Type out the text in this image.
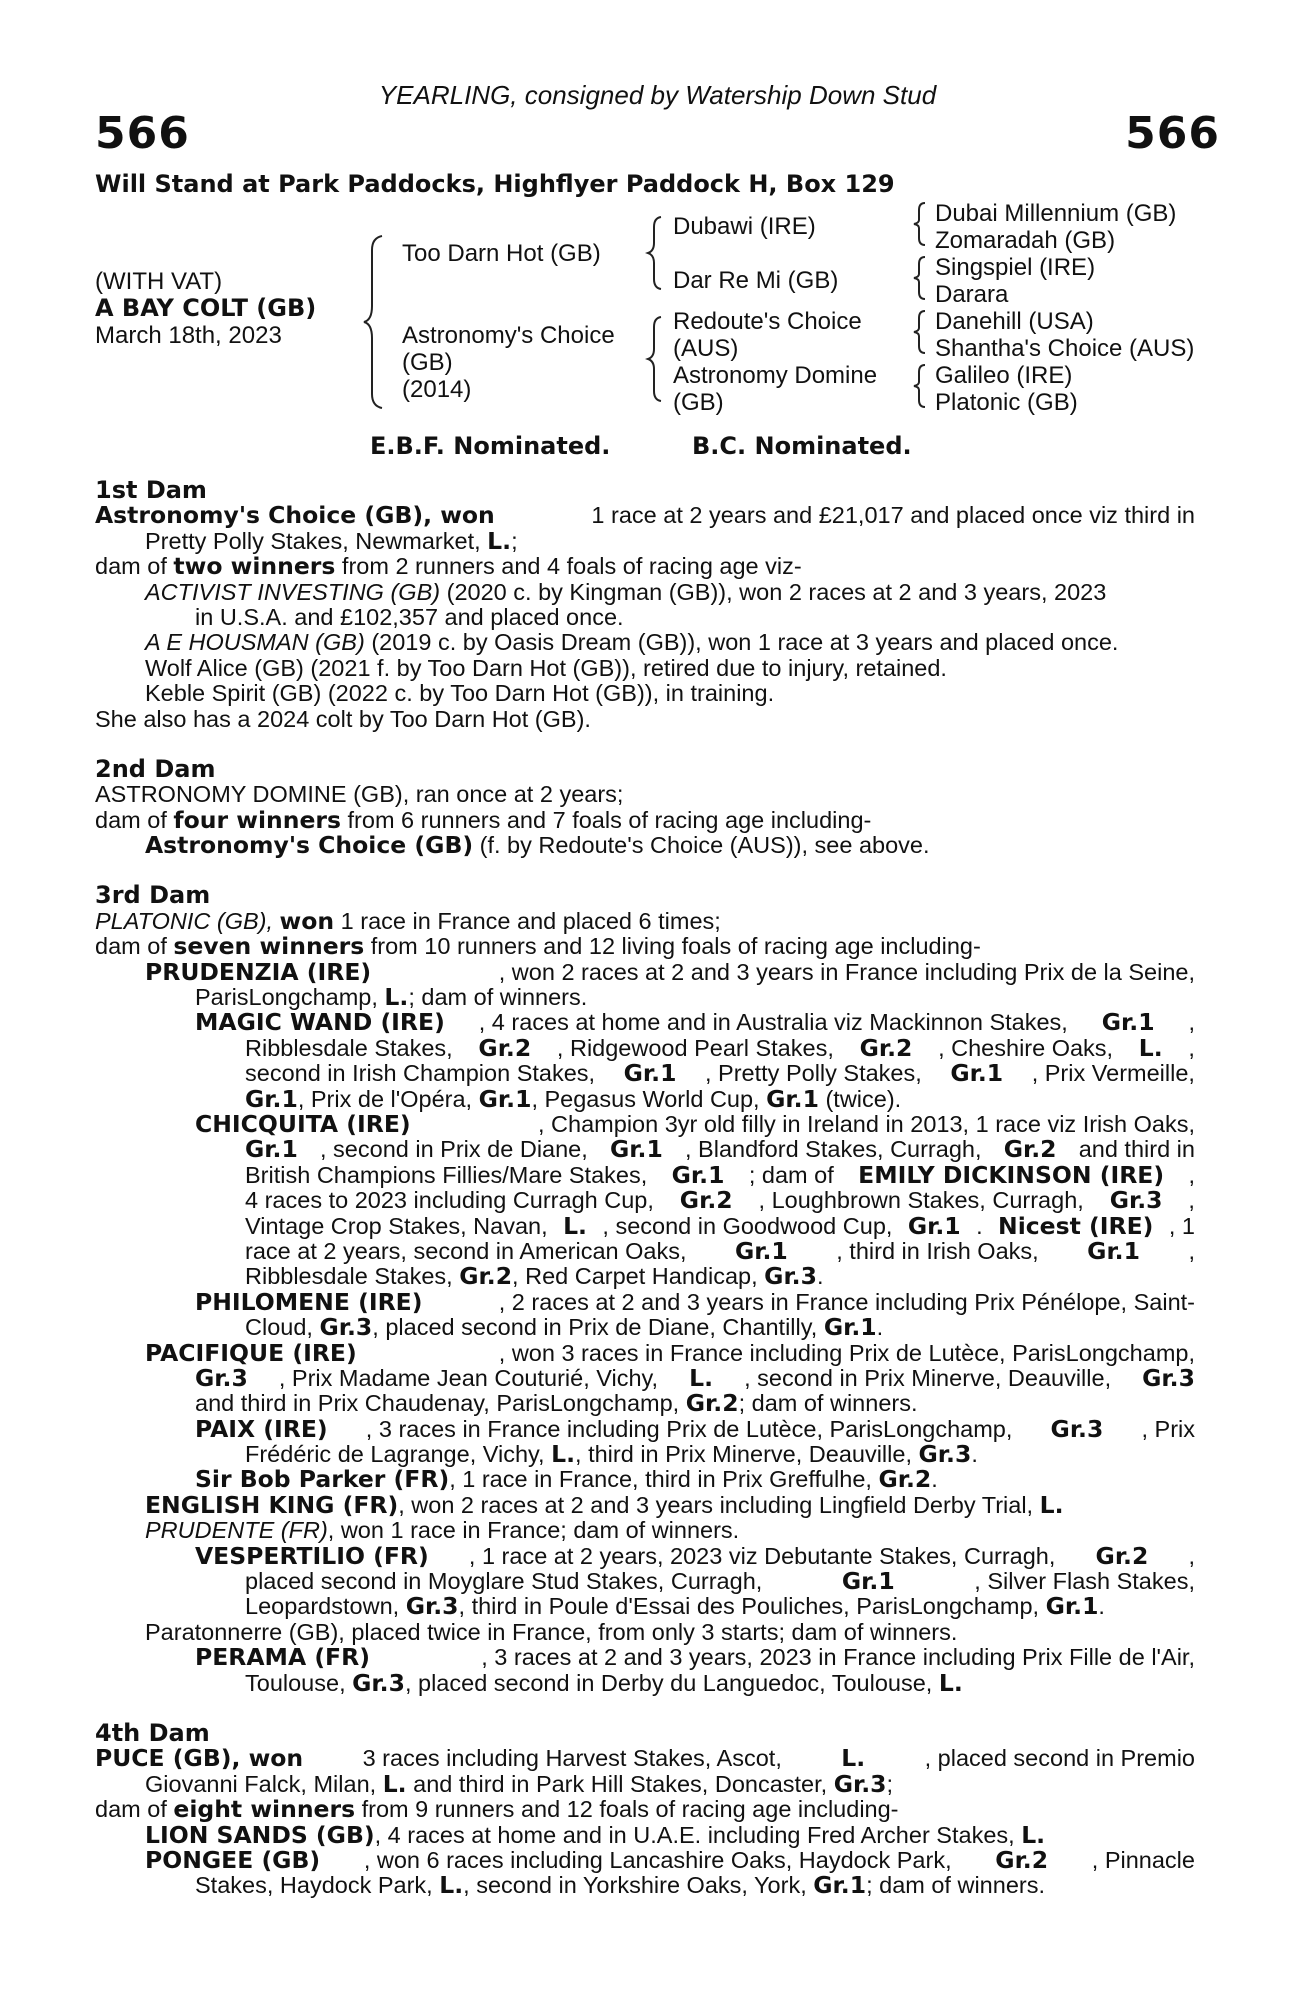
YEARLING, consigned by Watership Down Stud
566	566
Will Stand at Park Paddocks, Highflyer Paddock H, Box 129
(WITH VAT)
A BAY COLT (GB)
March 18th, 2023
Too Darn Hot (GB)
Astronomy's Choice
(GB)
(2014)
Dubawi (IRE)
Dar Re Mi (GB)
Redoute's Choice
(AUS)
Astronomy Domine
(GB)
Dubai Millennium (GB)
Zomaradah (GB)
Singspiel (IRE)
Darara
Danehill (USA)
Shantha's Choice (AUS)
Galileo (IRE)
Platonic (GB)
E.B.F. Nominated.	B.C. Nominated.
1st Dam
Astronomy's Choice (GB), won	1 race at 2 years and £21,017 and placed once viz third in
Pretty Polly Stakes, Newmarket, L.;
dam of two winners from 2 runners and 4 foals of racing age viz-
ACTIVIST INVESTING (GB) (2020 c. by Kingman (GB)), won 2 races at 2 and 3 years, 2023
in U.S.A. and £102,357 and placed once.
A E HOUSMAN (GB) (2019 c. by Oasis Dream (GB)), won 1 race at 3 years and placed once.
Wolf Alice (GB) (2021 f. by Too Darn Hot (GB)), retired due to injury, retained.
Keble Spirit (GB) (2022 c. by Too Darn Hot (GB)), in training.
She also has a 2024 colt by Too Darn Hot (GB).
2nd Dam
ASTRONOMY DOMINE (GB), ran once at 2 years;
dam of four winners from 6 runners and 7 foals of racing age including-
Astronomy's Choice (GB) (f. by Redoute's Choice (AUS)), see above.
3rd Dam
PLATONIC (GB), won 1 race in France and placed 6 times;
dam of seven winners from 10 runners and 12 living foals of racing age including-
PRUDENZIA (IRE)	, won 2 races at 2 and 3 years in France including Prix de la Seine,
ParisLongchamp, L.; dam of winners.
MAGIC WAND (IRE) , 4 races at home and in Australia viz Mackinnon Stakes, Gr.1 ,
Ribblesdale Stakes, Gr.2 , Ridgewood Pearl Stakes, Gr.2 , Cheshire Oaks, L. ,
second in Irish Champion Stakes, Gr.1 , Pretty Polly Stakes, Gr.1 , Prix Vermeille,
Gr.1, Prix de l'Opéra, Gr.1, Pegasus World Cup, Gr.1 (twice).
CHICQUITA (IRE)	, Champion 3yr old filly in Ireland in 2013, 1 race viz Irish Oaks,
Gr.1 , second in Prix de Diane, Gr.1 , Blandford Stakes, Curragh, Gr.2 and third in
British Champions Fillies/Mare Stakes, Gr.1 ; dam of EMILY DICKINSON (IRE) ,
4 races to 2023 including Curragh Cup, Gr.2 , Loughbrown Stakes, Curragh, Gr.3 ,
Vintage Crop Stakes, Navan, L. , second in Goodwood Cup, Gr.1 . Nicest (IRE) , 1
race at 2 years, second in American Oaks, Gr.1 , third in Irish Oaks, Gr.1 ,
Ribblesdale Stakes, Gr.2, Red Carpet Handicap, Gr.3.
PHILOMENE (IRE)	, 2 races at 2 and 3 years in France including Prix Pénélope, Saint-
Cloud, Gr.3, placed second in Prix de Diane, Chantilly, Gr.1.
PACIFIQUE (IRE)	, won 3 races in France including Prix de Lutèce, ParisLongchamp,
Gr.3 , Prix Madame Jean Couturié, Vichy, L. , second in Prix Minerve, Deauville, Gr.3
and third in Prix Chaudenay, ParisLongchamp, Gr.2; dam of winners.
PAIX (IRE) , 3 races in France including Prix de Lutèce, ParisLongchamp, Gr.3 , Prix
Frédéric de Lagrange, Vichy, L., third in Prix Minerve, Deauville, Gr.3.
Sir Bob Parker (FR), 1 race in France, third in Prix Greffulhe, Gr.2.
ENGLISH KING (FR), won 2 races at 2 and 3 years including Lingfield Derby Trial, L.
PRUDENTE (FR), won 1 race in France; dam of winners.
VESPERTILIO (FR) , 1 race at 2 years, 2023 viz Debutante Stakes, Curragh, Gr.2 ,
placed second in Moyglare Stud Stakes, Curragh,	Gr.1	, Silver Flash Stakes,
Leopardstown, Gr.3, third in Poule d'Essai des Pouliches, ParisLongchamp, Gr.1.
Paratonnerre (GB), placed twice in France, from only 3 starts; dam of winners.
PERAMA (FR)	, 3 races at 2 and 3 years, 2023 in France including Prix Fille de l'Air,
Toulouse, Gr.3, placed second in Derby du Languedoc, Toulouse, L.
4th Dam
PUCE (GB), won	3 races including Harvest Stakes, Ascot,	L.	, placed second in Premio
Giovanni Falck, Milan, L. and third in Park Hill Stakes, Doncaster, Gr.3;
dam of eight winners from 9 runners and 12 foals of racing age including-
LION SANDS (GB), 4 races at home and in U.A.E. including Fred Archer Stakes, L.
PONGEE (GB) , won 6 races including Lancashire Oaks, Haydock Park, Gr.2 , Pinnacle
Stakes, Haydock Park, L., second in Yorkshire Oaks, York, Gr.1; dam of winners.
